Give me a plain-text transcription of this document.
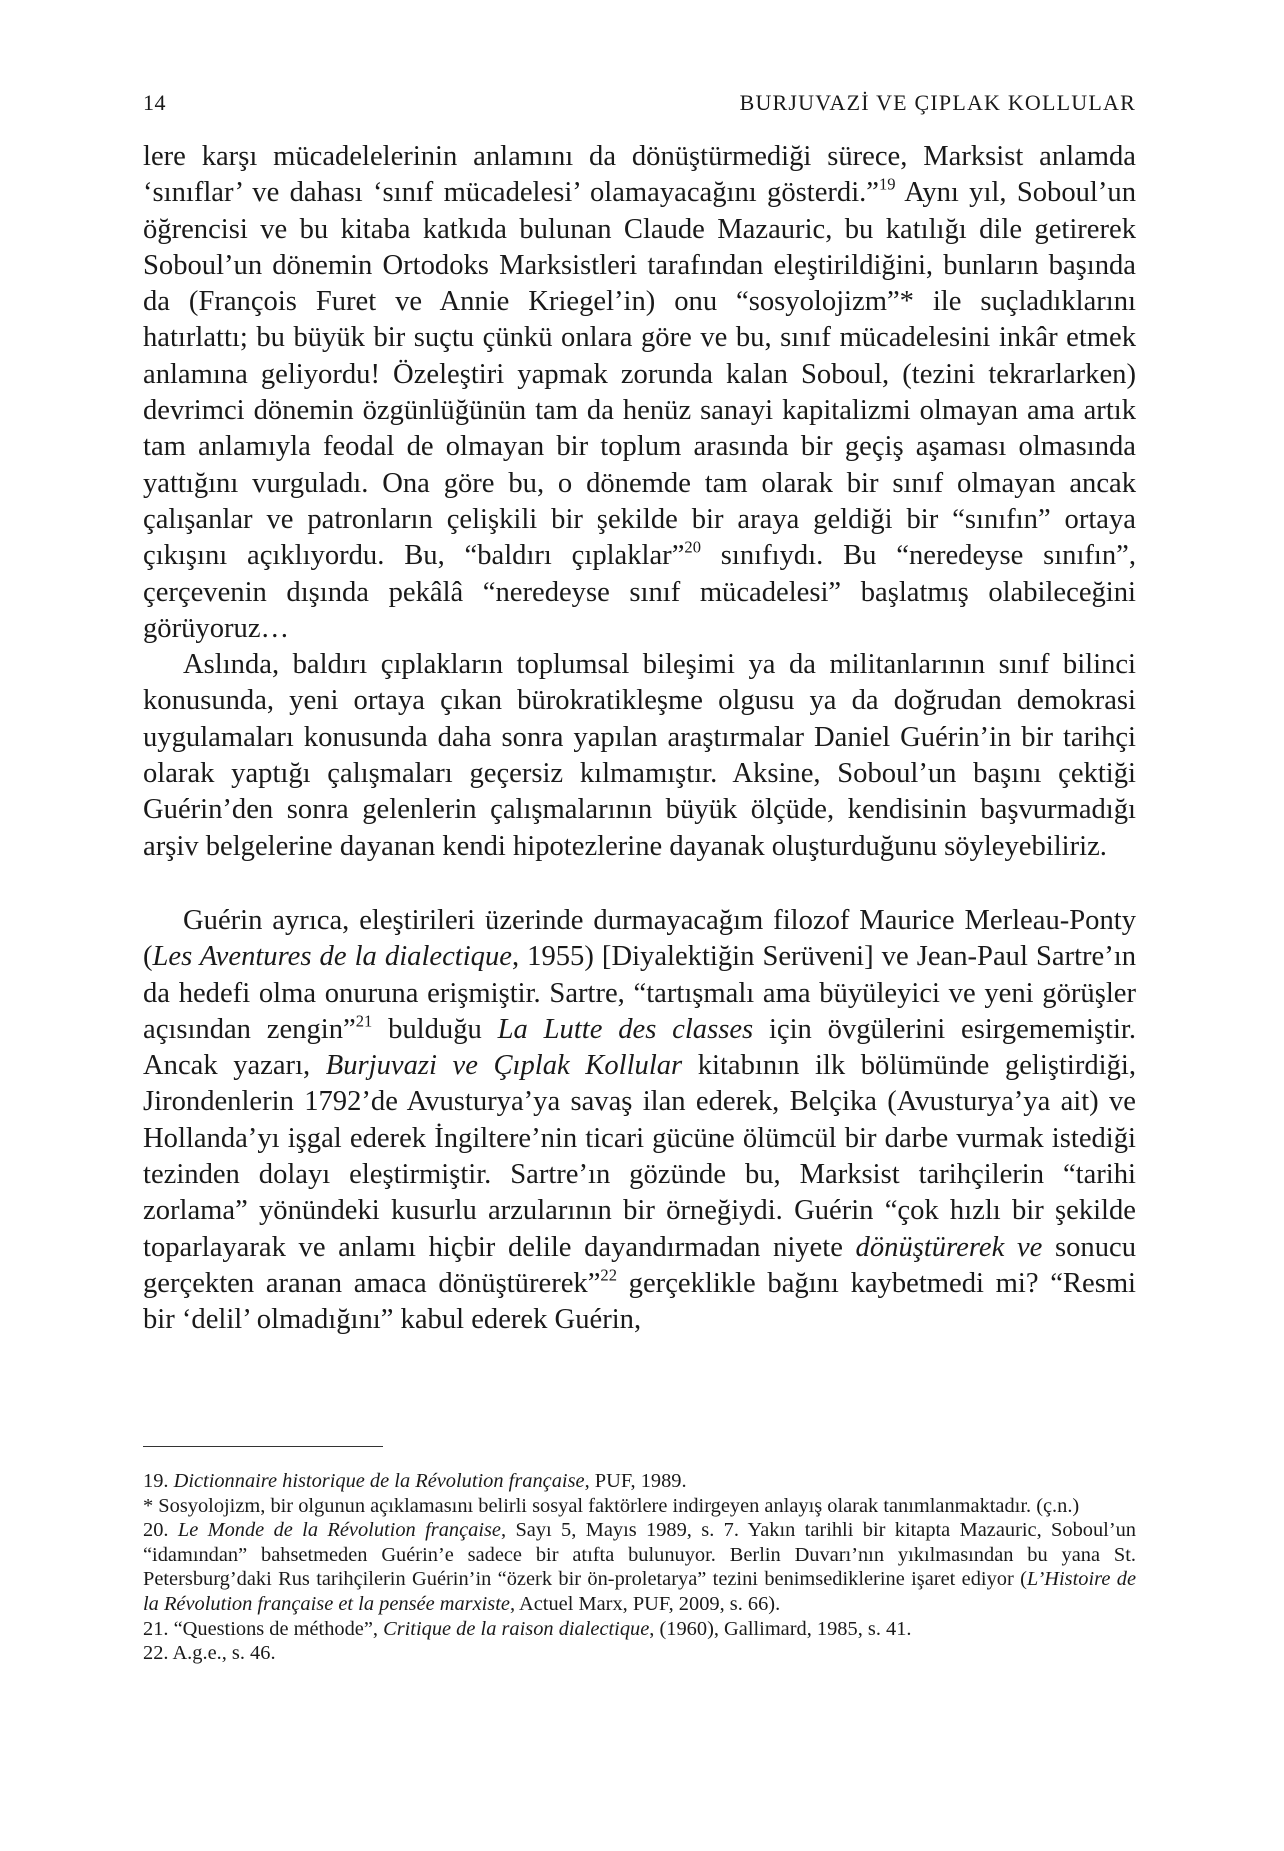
14	BURJUVAZİ VE ÇIPLAK KOLLULAR

lere karşı mücadelelerinin anlamını da dönüştürmediği sürece, Marksist anlamda ‘sınıflar’ ve dahası ‘sınıf mücadelesi’ olamayacağını gösterdi.”$^{19}$ Aynı yıl, Soboul’un öğrencisi ve bu kitaba katkıda bulunan Claude Mazauric, bu katılığı dile getirerek Soboul’un dönemin Ortodoks Marksistleri tarafından eleştirildiğini, bunların başında da (François Furet ve Annie Kriegel’in) onu “sosyolojizm”* ile suçladıklarını hatırlattı; bu büyük bir suçtu çünkü onlara göre ve bu, sınıf mücadelesini inkâr etmek anlamına geliyordu! Özeleştiri yapmak zorunda kalan Soboul, (tezini tekrarlarken) devrimci dönemin özgünlüğünün tam da henüz sanayi kapitalizmi olmayan ama artık tam anlamıyla feodal de olmayan bir toplum arasında bir geçiş aşaması olmasında yattığını vurguladı. Ona göre bu, o dönemde tam olarak bir sınıf olmayan ancak çalışanlar ve patronların çelişkili bir şekilde bir araya geldiği bir “sınıfın” ortaya çıkışını açıklıyordu. Bu, “baldırı çıplaklar”$^{20}$ sınıfıydı. Bu “neredeyse sınıfın”, çerçevenin dışında pekâlâ “neredeyse sınıf mücadelesi” başlatmış olabileceğini görüyoruz…

Aslında, baldırı çıplakların toplumsal bileşimi ya da militanlarının sınıf bilinci konusunda, yeni ortaya çıkan bürokratikleşme olgusu ya da doğrudan demokrasi uygulamaları konusunda daha sonra yapılan araştırmalar Daniel Guérin’in bir tarihçi olarak yaptığı çalışmaları geçersiz kılmamıştır. Aksine, Soboul’un başını çektiği Guérin’den sonra gelenlerin çalışmalarının büyük ölçüde, kendisinin başvurmadığı arşiv belgelerine dayanan kendi hipotezlerine dayanak oluşturduğunu söyleyebiliriz.

Guérin ayrıca, eleştirileri üzerinde durmayacağım filozof Maurice Merleau-Ponty (Les Aventures de la dialectique, 1955) [Diyalektiğin Serüveni] ve Jean-Paul Sartre’ın da hedefi olma onuruna erişmiştir. Sartre, “tartışmalı ama büyüleyici ve yeni görüşler açısından zengin”$^{21}$ bulduğu La Lutte des classes için övgülerini esirgememiştir. Ancak yazarı, Burjuvazi ve Çıplak Kollular kitabının ilk bölümünde geliştirdiği, Jirondenlerin 1792’de Avusturya’ya savaş ilan ederek, Belçika (Avusturya’ya ait) ve Hollanda’yı işgal ederek İngiltere’nin ticari gücüne ölümcül bir darbe vurmak istediği tezinden dolayı eleştirmiştir. Sartre’ın gözünde bu, Marksist tarihçilerin “tarihi zorlama” yönündeki kusurlu arzularının bir örneğiydi. Guérin “çok hızlı bir şekilde toparlayarak ve anlamı hiçbir delile dayandırmadan niyete dönüştürerek ve sonucu gerçekten aranan amaca dönüştürerek”$^{22}$ gerçeklikle bağını kaybetmedi mi? “Resmi bir ‘delil’ olmadığını” kabul ederek Guérin,

19. Dictionnaire historique de la Révolution française, PUF, 1989.

* Sosyolojizm, bir olgunun açıklamasını belirli sosyal faktörlere indirgeyen anlayış olarak tanımlanmaktadır. (ç.n.)

20. Le Monde de la Révolution française, Sayı 5, Mayıs 1989, s. 7. Yakın tarihli bir kitapta Mazauric, Soboul’un “idamından” bahsetmeden Guérin’e sadece bir atıfta bulunuyor. Berlin Duvarı’nın yıkılmasından bu yana St. Petersburg’daki Rus tarihçilerin Guérin’in “özerk bir ön-proletarya” tezini benimsediklerine işaret ediyor (L’Histoire de la Révolution française et la pensée marxiste, Actuel Marx, PUF, 2009, s. 66).

21. “Questions de méthode”, Critique de la raison dialectique, (1960), Gallimard, 1985, s. 41.

22. A.g.e., s. 46.
